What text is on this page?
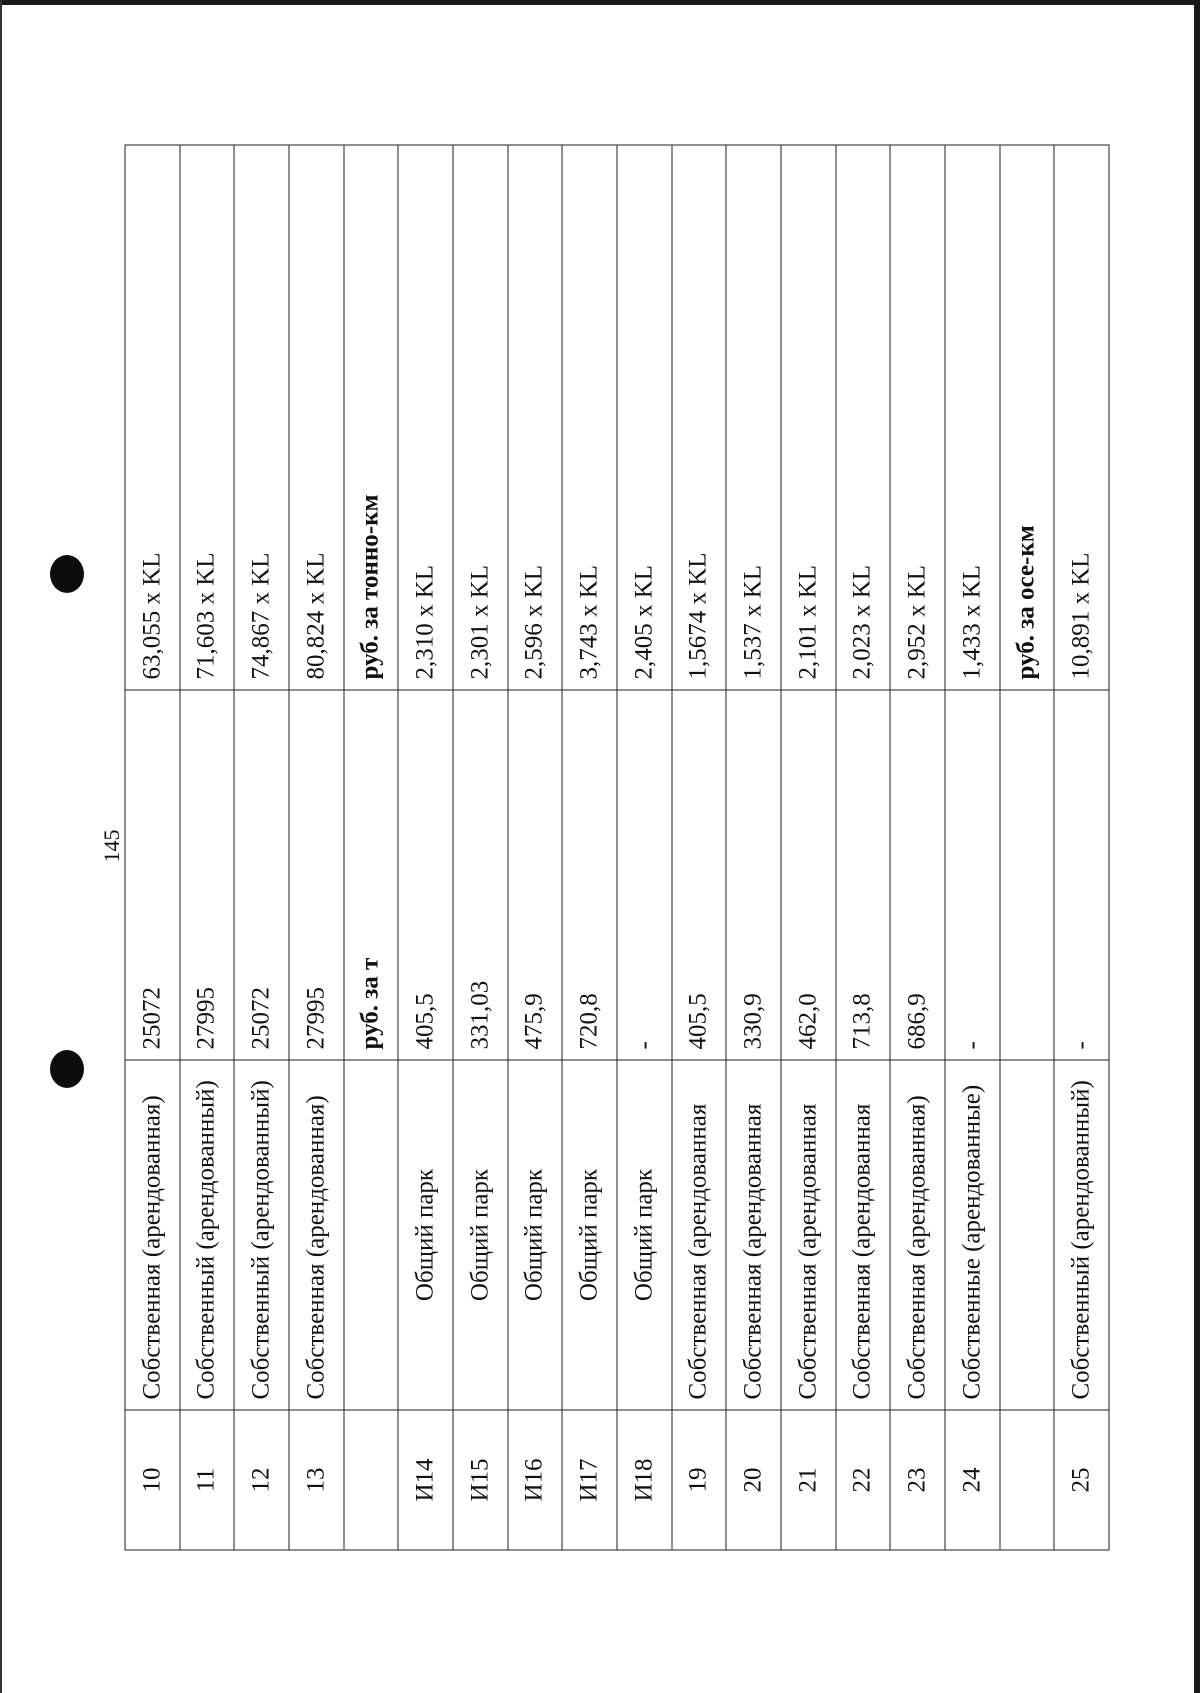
145
10	Собственная (арендованная)	25072	63,055 х KL
11	Собственный (арендованный)	27995	71,603 х KL
12	Собственный (арендованный)	25072	74,867 х KL
13	Собственная (арендованная)	27995	80,824 х KL
		руб. за т	руб. за тонно-км
И14	Общий парк	405,5	2,310 х KL
И15	Общий парк	331,03	2,301 х KL
И16	Общий парк	475,9	2,596 х KL
И17	Общий парк	720,8	3,743 х KL
И18	Общий парк	-	2,405 х KL
19	Собственная (арендованная	405,5	1,5674 х KL
20	Собственная (арендованная	330,9	1,537 х KL
21	Собственная (арендованная	462,0	2,101 х KL
22	Собственная (арендованная	713,8	2,023 х KL
23	Собственная (арендованная)	686,9	2,952 х KL
24	Собственные (арендованные)	-	1,433 х KL
			руб. за осе-км
25	Собственный (арендованный)	-	10,891 х KL
